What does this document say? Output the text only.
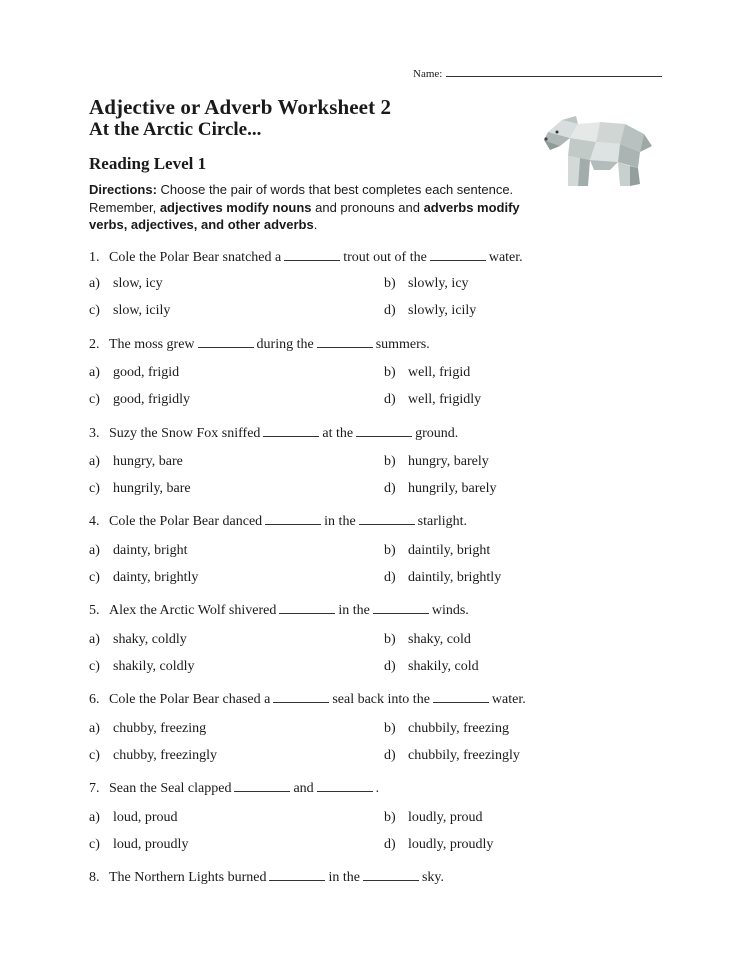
Name:
Adjective or Adverb Worksheet 2
At the Arctic Circle...
Reading Level 1
Directions: Choose the pair of words that best completes each sentence. Remember, adjectives modify nouns and pronouns and adverbs modify verbs, adjectives, and other adverbs.
1. Cole the Polar Bear snatched a	trout out of the	water.
a) slow, icy	b) slowly, icy
c) slow, icily	d) slowly, icily
2. The moss grew	during the	summers.
a) good, frigid	b) well, frigid
c) good, frigidly	d) well, frigidly
3. Suzy the Snow Fox sniffed	at the	ground.
a) hungry, bare	b) hungry, barely
c) hungrily, bare	d) hungrily, barely
4. Cole the Polar Bear danced	in the	starlight.
a) dainty, bright	b) daintily, bright
c) dainty, brightly	d) daintily, brightly
5. Alex the Arctic Wolf shivered	in the	winds.
a) shaky, coldly	b) shaky, cold
c) shakily, coldly	d) shakily, cold
6. Cole the Polar Bear chased a	seal back into the	water.
a) chubby, freezing	b) chubbily, freezing
c) chubby, freezingly	d) chubbily, freezingly
7. Sean the Seal clapped	and	.
a) loud, proud	b) loudly, proud
c) loud, proudly	d) loudly, proudly
8. The Northern Lights burned	in the	sky.
